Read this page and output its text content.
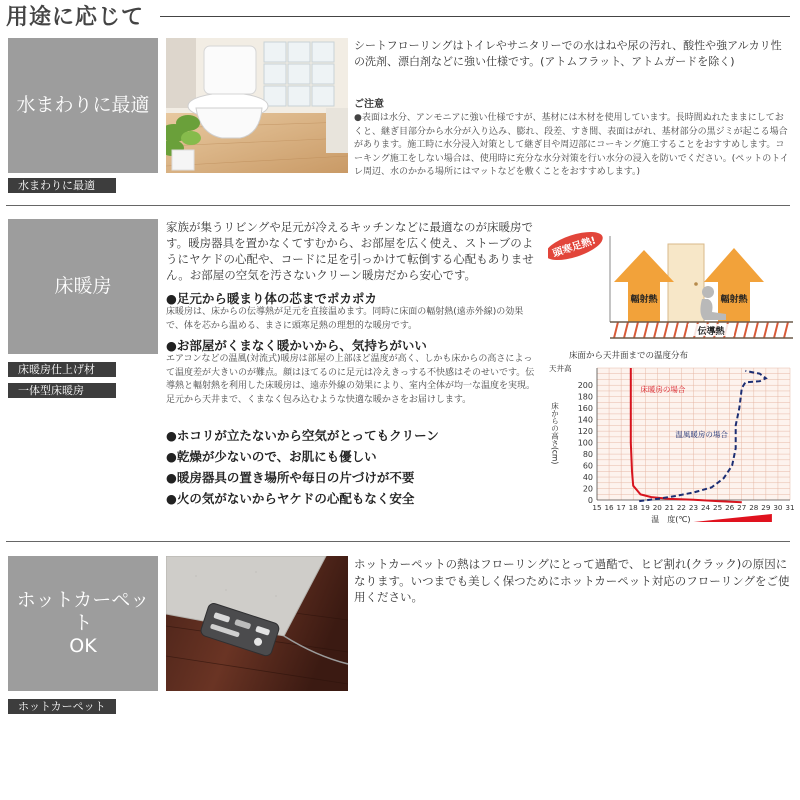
用途に応じて
水まわりに最適
水まわりに最適
シートフローリングはトイレやサニタリーでの水はねや尿の汚れ、酸性や強アルカリ性の洗剤、漂白剤などに強い仕様です。(アトムフラット、アトムガードを除く)
ご注意
●表面は水分、アンモニアに強い仕様ですが、基材には木材を使用しています。長時間ぬれたままにしておくと、継ぎ目部分から水分が入り込み、膨れ、段差、すき間、表面はがれ、基材部分の黒ジミが起こる場合があります。施工時に水分浸入対策として継ぎ目や周辺部にコーキング施工することをおすすめします。コーキング施工をしない場合は、使用時に充分な水分対策を行い水分の浸入を防いでください。(ペットのトイレ周辺、水のかかる場所にはマットなどを敷くことをおすすめします。)
床暖房
床暖房仕上げ材
一体型床暖房
家族が集うリビングや足元が冷えるキッチンなどに最適なのが床暖房です。暖房器具を置かなくてすむから、お部屋を広く使え、ストーブのようにヤケドの心配や、コードに足を引っかけて転倒する心配もありません。お部屋の空気を汚さないクリーン暖房だから安心です。
●足元から暖まり体の芯までポカポカ
床暖房は、床からの伝導熱が足元を直接温めます。同時に床面の輻射熱(遠赤外線)の効果で、体を芯から温める、まさに頭寒足熱の理想的な暖房です。
●お部屋がくまなく暖かいから、気持ちがいい
エアコンなどの温風(対流式)暖房は部屋の上部ほど温度が高く、しかも床からの高さによって温度差が大きいのが難点。顔はほてるのに足元は冷えきっする不快感はそのせいです。伝導熱と輻射熱を利用した床暖房は、遠赤外線の効果により、室内全体が均一な温度を実現。足元から天井まで、くまなく包み込むような快適な暖かさをお届けします。
●ホコリが立たないから空気がとってもクリーン
●乾燥が少ないので、お肌にも優しい
●暖房器具の置き場所や毎日の片づけが不要
●火の気がないからヤケドの心配もなく安全
輻射熱	輻射熱
伝導熱
頭寒足熱!
床面から天井面までの温度分布
天井高
床からの高さ(cm)
0
20
40
60
80
100
120
140
160
180
200
15 16 17 18 19 20 21 22 23 24 25 26 27 28 29 30 31
温　度(℃)
床暖房の場合
温風暖房の場合
ホットカーペット
OK
ホットカーペットOK
ホットカーペットの熱はフローリングにとって過酷で、ヒビ割れ(クラック)の原因になります。いつまでも美しく保つためにホットカーペット対応のフローリングをご使用ください。
